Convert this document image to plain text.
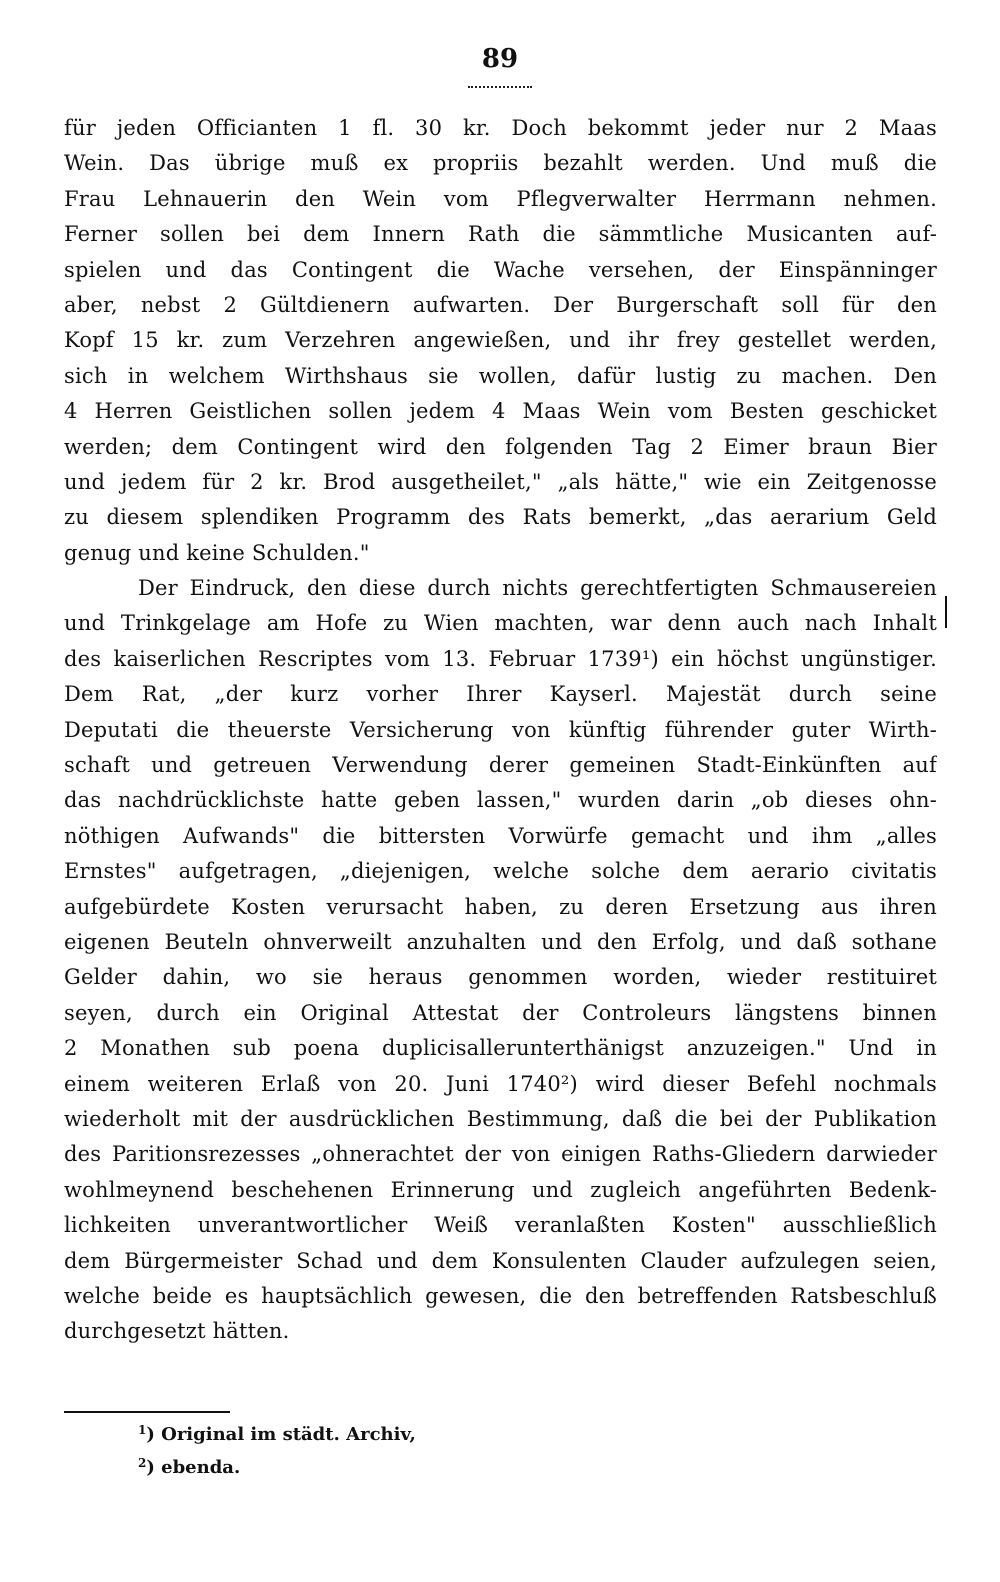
89
für jeden Officianten 1 fl. 30 kr. Doch bekommt jeder nur 2 Maas
Wein. Das übrige muß ex propriis bezahlt werden. Und muß die
Frau Lehnauerin den Wein vom Pflegverwalter Herrmann nehmen.
Ferner sollen bei dem Innern Rath die sämmtliche Musicanten auf-
spielen und das Contingent die Wache versehen, der Einspänninger
aber, nebst 2 Gültdienern aufwarten. Der Burgerschaft soll für den
Kopf 15 kr. zum Verzehren angewießen, und ihr frey gestellet werden,
sich in welchem Wirthshaus sie wollen, dafür lustig zu machen. Den
4 Herren Geistlichen sollen jedem 4 Maas Wein vom Besten geschicket
werden; dem Contingent wird den folgenden Tag 2 Eimer braun Bier
und jedem für 2 kr. Brod ausgetheilet," „als hätte," wie ein Zeitgenosse
zu diesem splendiken Programm des Rats bemerkt, „das aerarium Geld
genug und keine Schulden."
Der Eindruck, den diese durch nichts gerechtfertigten Schmausereien
und Trinkgelage am Hofe zu Wien machten, war denn auch nach Inhalt
des kaiserlichen Rescriptes vom 13. Februar 1739¹) ein höchst ungünstiger.
Dem Rat, „der kurz vorher Ihrer Kayserl. Majestät durch seine
Deputati die theuerste Versicherung von künftig führender guter Wirth-
schaft und getreuen Verwendung derer gemeinen Stadt-Einkünften auf
das nachdrücklichste hatte geben lassen," wurden darin „ob dieses ohn-
nöthigen Aufwands" die bittersten Vorwürfe gemacht und ihm „alles
Ernstes" aufgetragen, „diejenigen, welche solche dem aerario civitatis
aufgebürdete Kosten verursacht haben, zu deren Ersetzung aus ihren
eigenen Beuteln ohnverweilt anzuhalten und den Erfolg, und daß sothane
Gelder dahin, wo sie heraus genommen worden, wieder restituiret
seyen, durch ein Original Attestat der Controleurs längstens binnen
2 Monathen sub poena duplicisallerunterthänigst anzuzeigen." Und in
einem weiteren Erlaß von 20. Juni 1740²) wird dieser Befehl nochmals
wiederholt mit der ausdrücklichen Bestimmung, daß die bei der Publikation
des Paritionsrezesses „ohnerachtet der von einigen Raths-Gliedern darwieder
wohlmeynend beschehenen Erinnerung und zugleich angeführten Bedenk-
lichkeiten unverantwortlicher Weiß veranlaßten Kosten" ausschließlich
dem Bürgermeister Schad und dem Konsulenten Clauder aufzulegen seien,
welche beide es hauptsächlich gewesen, die den betreffenden Ratsbeschluß
durchgesetzt hätten.
$^1$) Original im städt. Archiv,
$^2$) ebenda.
